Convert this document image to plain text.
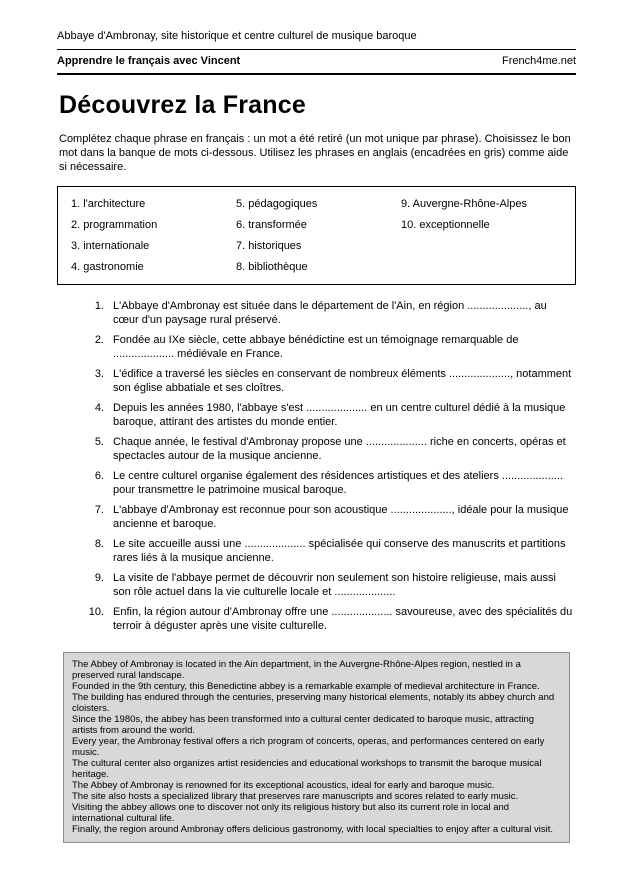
Abbaye d'Ambronay, site historique et centre culturel de musique baroque
Apprendre le français avec Vincent	French4me.net
Découvrez la France
Complétez chaque phrase en français : un mot a été retiré (un mot unique par phrase). Choisissez le bon mot dans la banque de mots ci-dessous. Utilisez les phrases en anglais (encadrées en gris) comme aide si nécessaire.
1. l'architecture
2. programmation
3. internationale
4. gastronomie
5. pédagogiques
6. transformée
7. historiques
8. bibliothèque
9. Auvergne-Rhône-Alpes
10. exceptionnelle
1. L'Abbaye d'Ambronay est située dans le département de l'Ain, en région ...................., au cœur d'un paysage rural préservé.
2. Fondée au IXe siècle, cette abbaye bénédictine est un témoignage remarquable de .................... médiévale en France.
3. L'édifice a traversé les siècles en conservant de nombreux éléments ...................., notamment son église abbatiale et ses cloîtres.
4. Depuis les années 1980, l'abbaye s'est .................... en un centre culturel dédié à la musique baroque, attirant des artistes du monde entier.
5. Chaque année, le festival d'Ambronay propose une .................... riche en concerts, opéras et spectacles autour de la musique ancienne.
6. Le centre culturel organise également des résidences artistiques et des ateliers .................... pour transmettre le patrimoine musical baroque.
7. L'abbaye d'Ambronay est reconnue pour son acoustique ...................., idéale pour la musique ancienne et baroque.
8. Le site accueille aussi une .................... spécialisée qui conserve des manuscrits et partitions rares liés à la musique ancienne.
9. La visite de l'abbaye permet de découvrir non seulement son histoire religieuse, mais aussi son rôle actuel dans la vie culturelle locale et ....................
10. Enfin, la région autour d'Ambronay offre une .................... savoureuse, avec des spécialités du terroir à déguster après une visite culturelle.
The Abbey of Ambronay is located in the Ain department, in the Auvergne-Rhône-Alpes region, nestled in a preserved rural landscape.
Founded in the 9th century, this Benedictine abbey is a remarkable example of medieval architecture in France.
The building has endured through the centuries, preserving many historical elements, notably its abbey church and cloisters.
Since the 1980s, the abbey has been transformed into a cultural center dedicated to baroque music, attracting artists from around the world.
Every year, the Ambronay festival offers a rich program of concerts, operas, and performances centered on early music.
The cultural center also organizes artist residencies and educational workshops to transmit the baroque musical heritage.
The Abbey of Ambronay is renowned for its exceptional acoustics, ideal for early and baroque music.
The site also hosts a specialized library that preserves rare manuscripts and scores related to early music.
Visiting the abbey allows one to discover not only its religious history but also its current role in local and international cultural life.
Finally, the region around Ambronay offers delicious gastronomy, with local specialties to enjoy after a cultural visit.
